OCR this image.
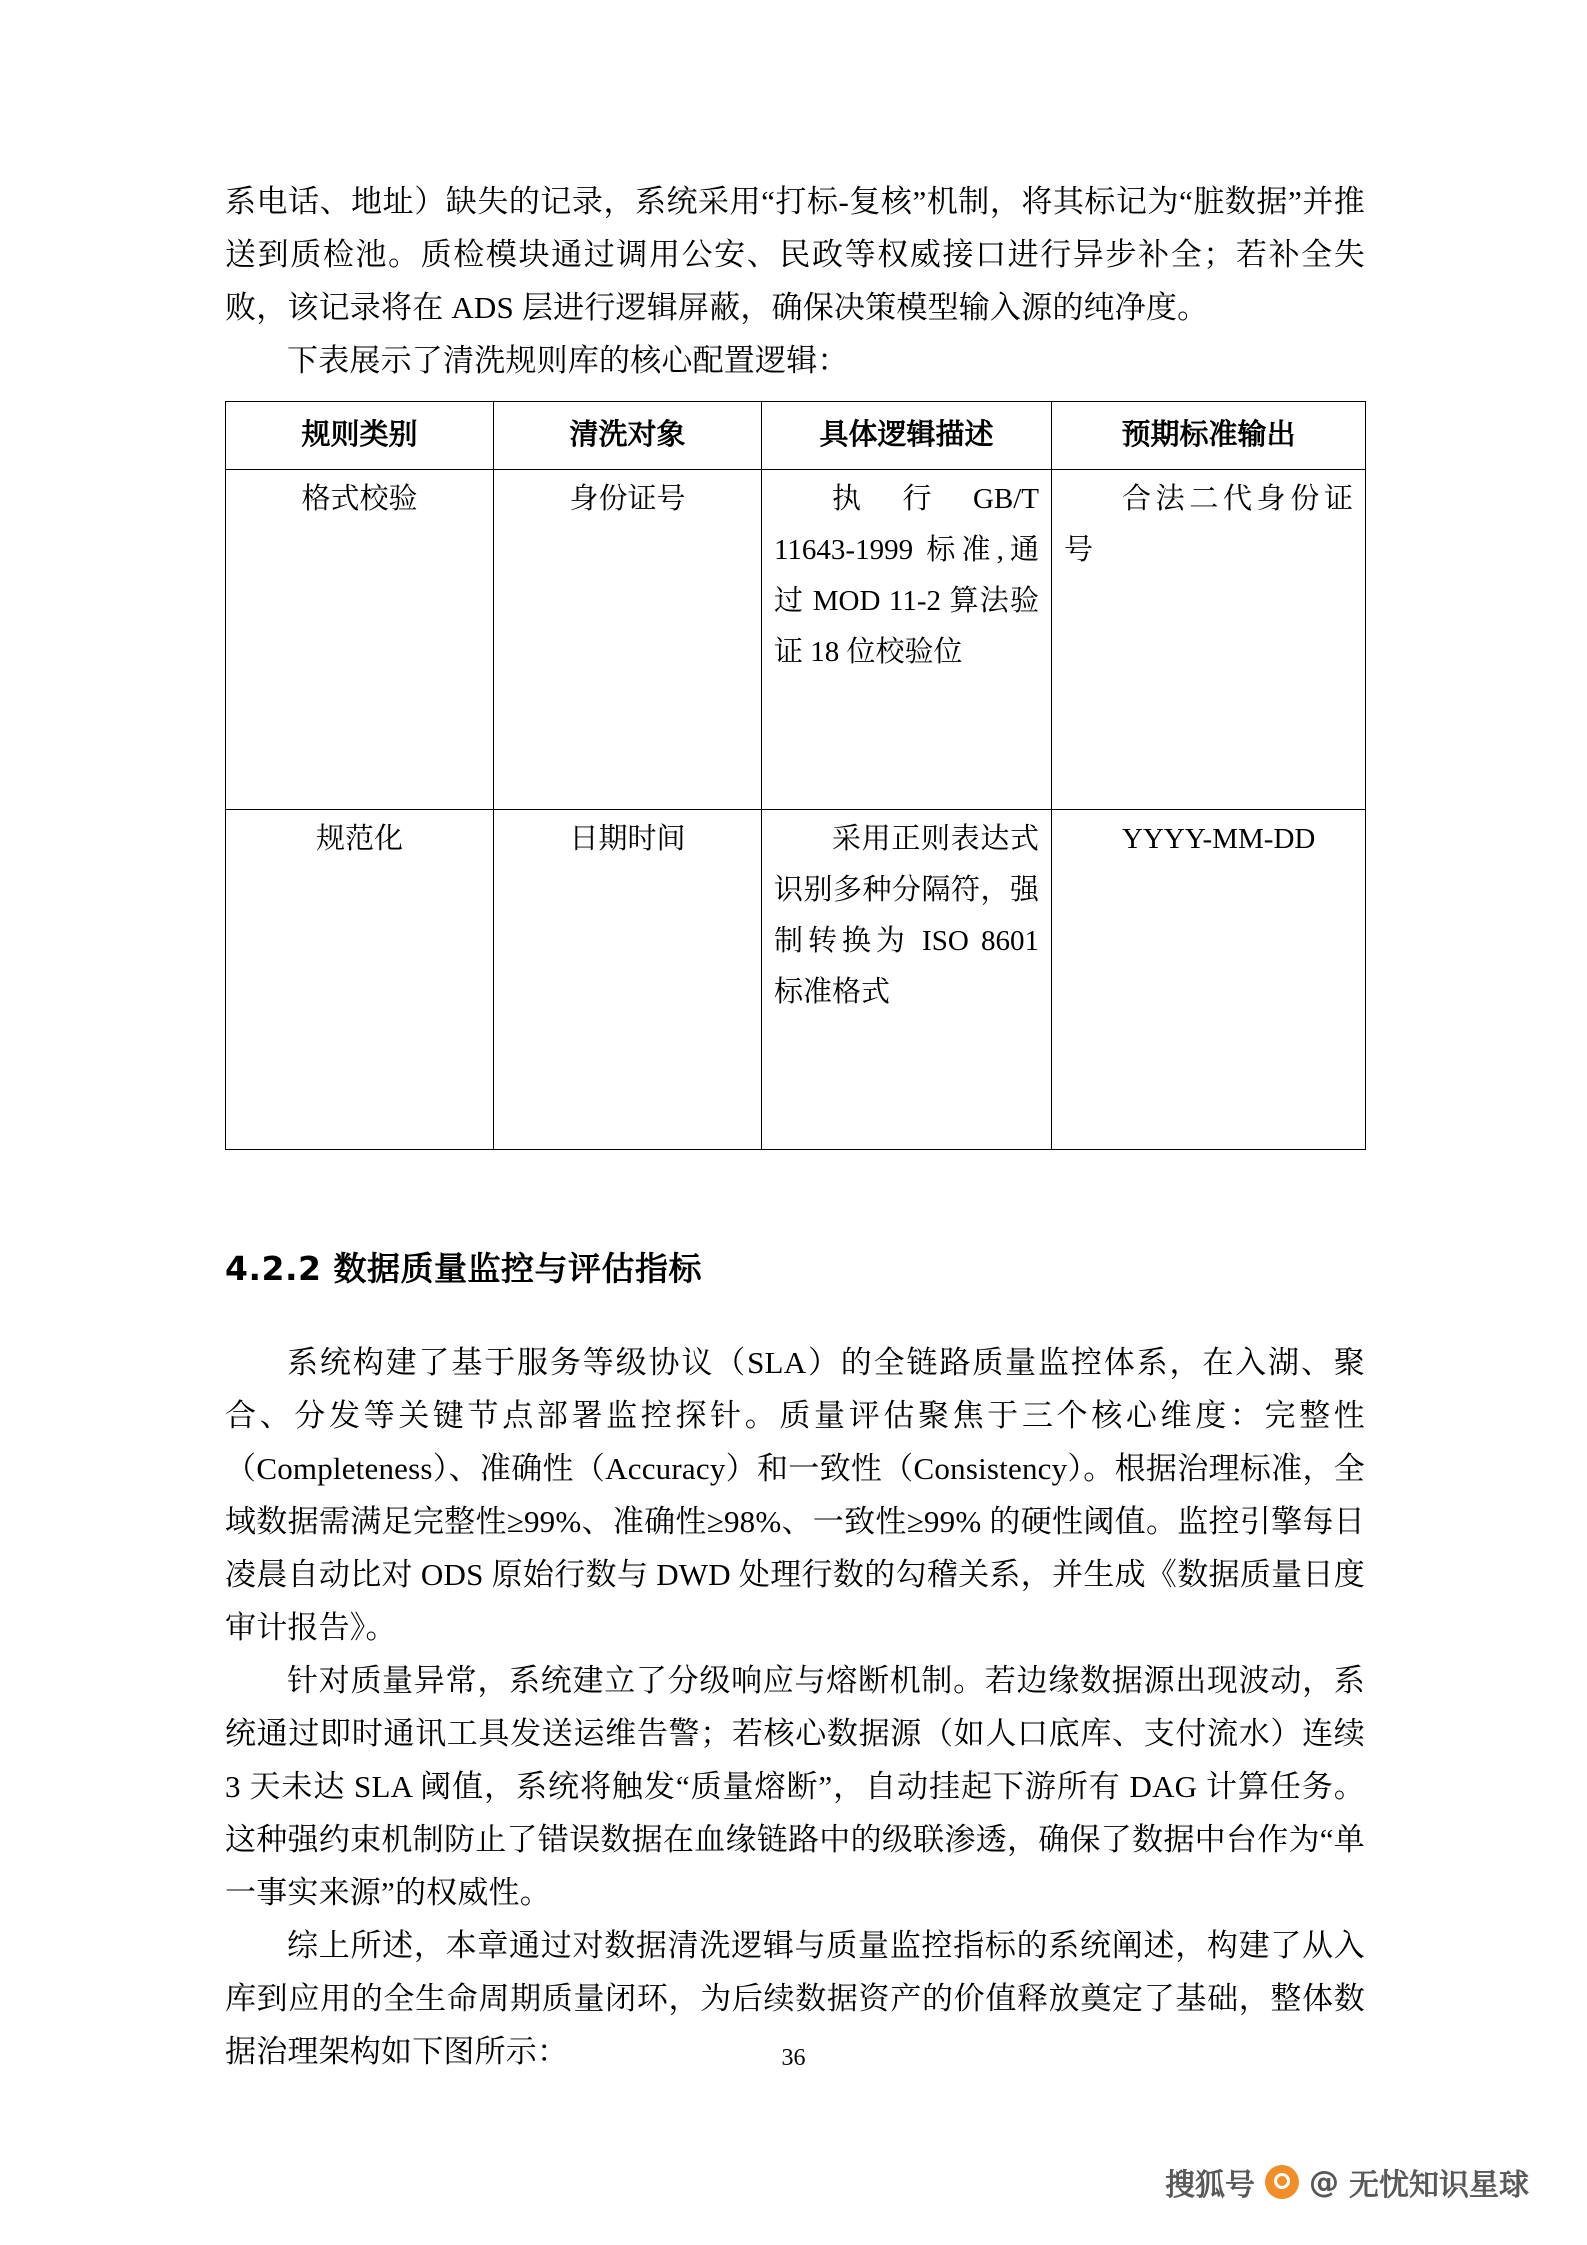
系电话、地址）缺失的记录，系统采用“打标-复核”机制，将其标记为“脏数据”并推送到质检池。质检模块通过调用公安、民政等权威接口进行异步补全；若补全失败，该记录将在 ADS 层进行逻辑屏蔽，确保决策模型输入源的纯净度。

下表展示了清洗规则库的核心配置逻辑：

规则类别	清洗对象	具体逻辑描述	预期标准输出
格式校验	身份证号	执 行 GB/T 11643-1999 标准,通过 MOD 11-2 算法验证 18 位校验位	合法二代身份证号
规范化	日期时间	采用正则表达式识别多种分隔符，强制转换为 ISO 8601 标准格式	YYYY-MM-DD
4.2.2 数据质量监控与评估指标

系统构建了基于服务等级协议（SLA）的全链路质量监控体系，在入湖、聚合、分发等关键节点部署监控探针。质量评估聚焦于三个核心维度：完整性（Completeness）、准确性（Accuracy）和一致性（Consistency）。根据治理标准，全域数据需满足完整性≥99%、准确性≥98%、一致性≥99% 的硬性阈值。监控引擎每日凌晨自动比对 ODS 原始行数与 DWD 处理行数的勾稽关系，并生成《数据质量日度审计报告》。

针对质量异常，系统建立了分级响应与熔断机制。若边缘数据源出现波动，系统通过即时通讯工具发送运维告警；若核心数据源（如人口底库、支付流水）连续 3 天未达 SLA 阈值，系统将触发“质量熔断”，自动挂起下游所有 DAG 计算任务。这种强约束机制防止了错误数据在血缘链路中的级联渗透，确保了数据中台作为“单一事实来源”的权威性。

综上所述，本章通过对数据清洗逻辑与质量监控指标的系统阐述，构建了从入库到应用的全生命周期质量闭环，为后续数据资产的价值释放奠定了基础，整体数据治理架构如下图所示：	36
搜狐号 @ 无忧知识星球
